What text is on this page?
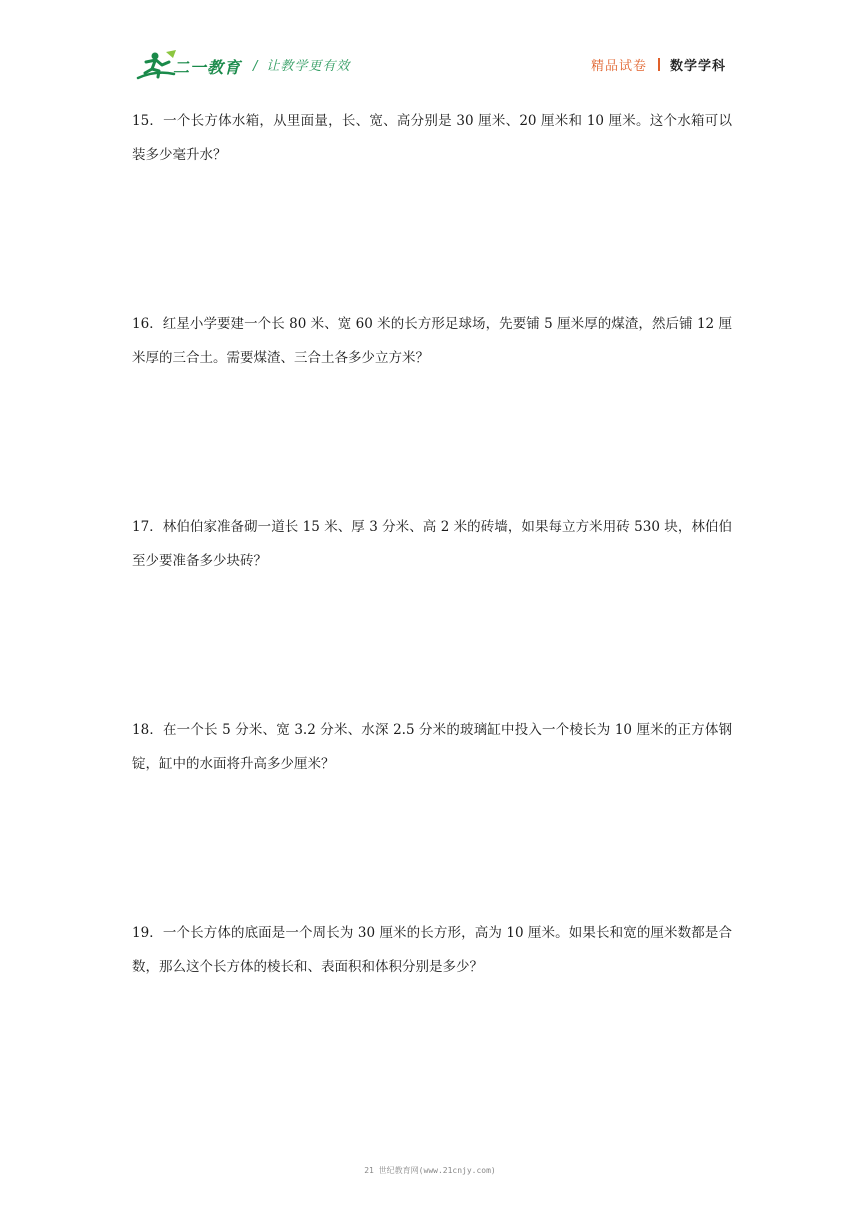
二一教育 / 让教学更有效	精品试卷 数学学科
15．一个长方体水箱，从里面量，长、宽、高分别是 30 厘米、20 厘米和 10 厘米。这个水箱可以装多少毫升水？
16．红星小学要建一个长 80 米、宽 60 米的长方形足球场，先要铺 5 厘米厚的煤渣，然后铺 12 厘米厚的三合土。需要煤渣、三合土各多少立方米？
17．林伯伯家准备砌一道长 15 米、厚 3 分米、高 2 米的砖墙，如果每立方米用砖 530 块，林伯伯至少要准备多少块砖？
18．在一个长 5 分米、宽 3.2 分米、水深 2.5 分米的玻璃缸中投入一个棱长为 10 厘米的正方体钢锭，缸中的水面将升高多少厘米？
19．一个长方体的底面是一个周长为 30 厘米的长方形，高为 10 厘米。如果长和宽的厘米数都是合数，那么这个长方体的棱长和、表面积和体积分别是多少？
21 世纪教育网(www.21cnjy.com)
